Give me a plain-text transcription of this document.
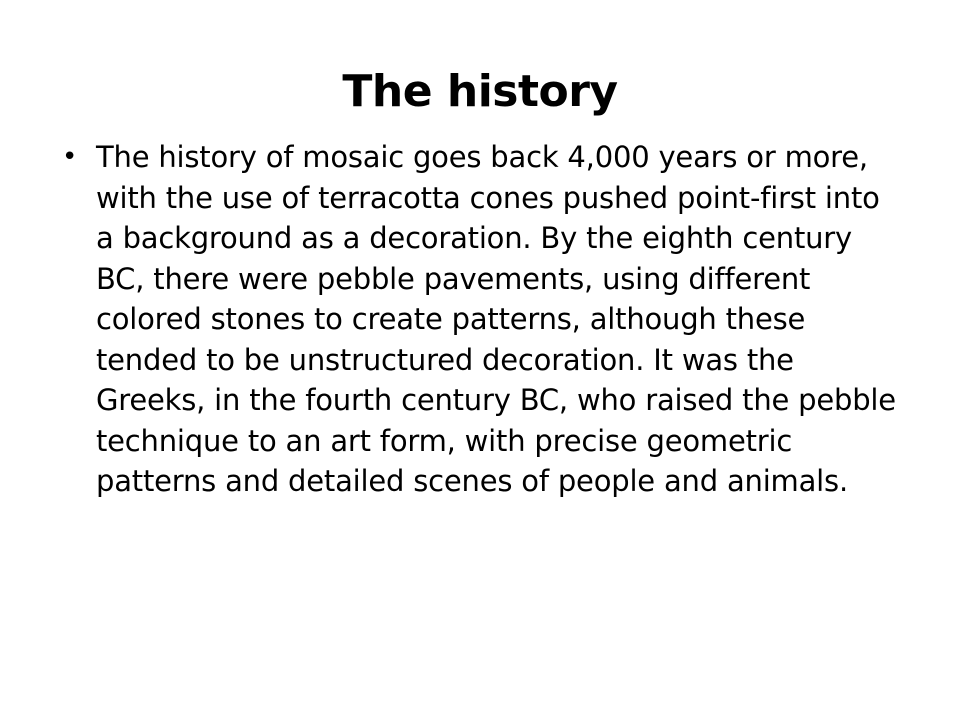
The history
• The history of mosaic goes back 4,000 years or more, with the use of terracotta cones pushed point-first into a background as a decoration. By the eighth century BC, there were pebble pavements, using different colored stones to create patterns, although these tended to be unstructured decoration. It was the Greeks, in the fourth century BC, who raised the pebble technique to an art form, with precise geometric patterns and detailed scenes of people and animals.
